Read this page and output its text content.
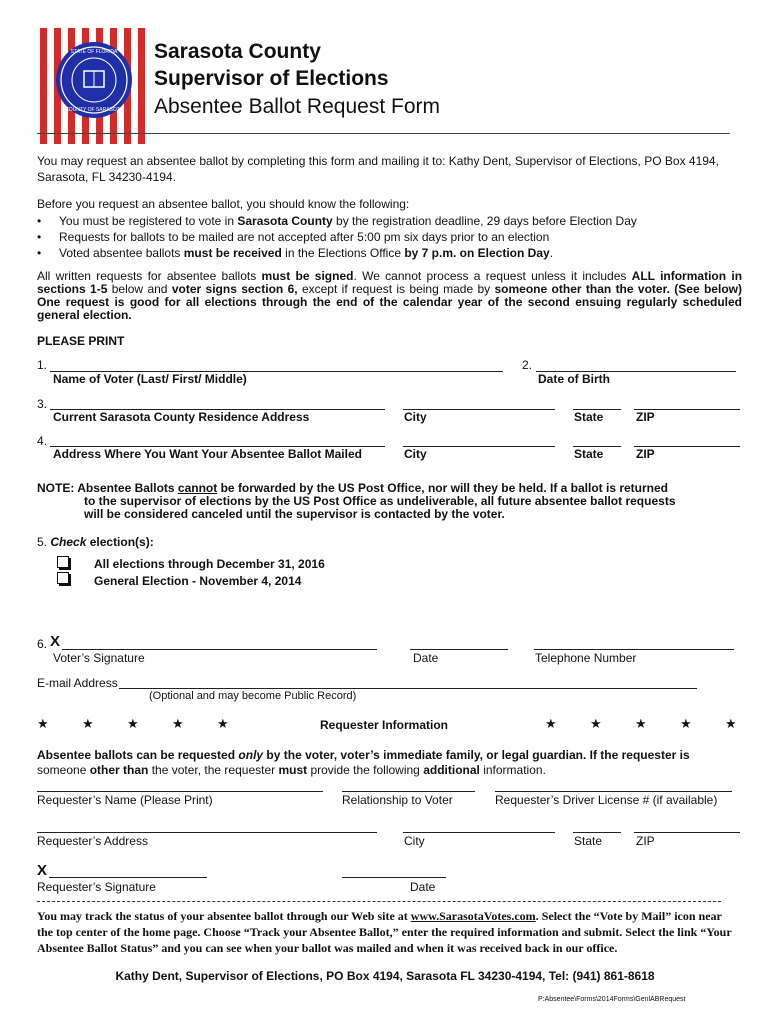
STATE OF FLORIDA
COUNTY OF SARASOTA
Sarasota County
Supervisor of Elections
Absentee Ballot Request Form
You may request an absentee ballot by completing this form and mailing it to: Kathy Dent, Supervisor of Elections, PO Box 4194, Sarasota, FL 34230-4194.
Before you request an absentee ballot, you should know the following:
• You must be registered to vote in Sarasota County by the registration deadline, 29 days before Election Day
• Requests for ballots to be mailed are not accepted after 5:00 pm six days prior to an election
• Voted absentee ballots must be received in the Elections Office by 7 p.m. on Election Day.
All written requests for absentee ballots must be signed. We cannot process a request unless it includes ALL information in sections 1-5 below and voter signs section 6, except if request is being made by someone other than the voter. (See below) One request is good for all elections through the end of the calendar year of the second ensuing regularly scheduled general election.
PLEASE PRINT
1.
Name of Voter (Last/ First/ Middle)
2.
Date of Birth
3.
Current Sarasota County Residence Address	City	State	ZIP
4.
Address Where You Want Your Absentee Ballot Mailed	City	State	ZIP
NOTE: Absentee Ballots cannot be forwarded by the US Post Office, nor will they be held. If a ballot is returned
to the supervisor of elections by the US Post Office as undeliverable, all future absentee ballot requests
will be considered canceled until the supervisor is contacted by the voter.
5. Check election(s):
All elections through December 31, 2016
General Election - November 4, 2014
6. X
Voter’s Signature	Date	Telephone Number
E-mail Address
(Optional and may become Public Record)
★	★	★	★	★	Requester Information	★	★	★	★	★
Absentee ballots can be requested only by the voter, voter’s immediate family, or legal guardian. If the requester is
someone other than the voter, the requester must provide the following additional information.
Requester’s Name (Please Print)	Relationship to Voter	Requester’s Driver License # (if available)
Requester’s Address	City	State	ZIP
X
Requester’s Signature	Date
You may track the status of your absentee ballot through our Web site at www.SarasotaVotes.com. Select the “Vote by Mail” icon near the top center of the home page. Choose “Track your Absentee Ballot,” enter the required information and submit. Select the link “Your Absentee Ballot Status” and you can see when your ballot was mailed and when it was received back in our office.
Kathy Dent, Supervisor of Elections, PO Box 4194, Sarasota FL 34230-4194, Tel: (941) 861-8618
P:Absentee\Forms\2014Forms\GenlABRequest
